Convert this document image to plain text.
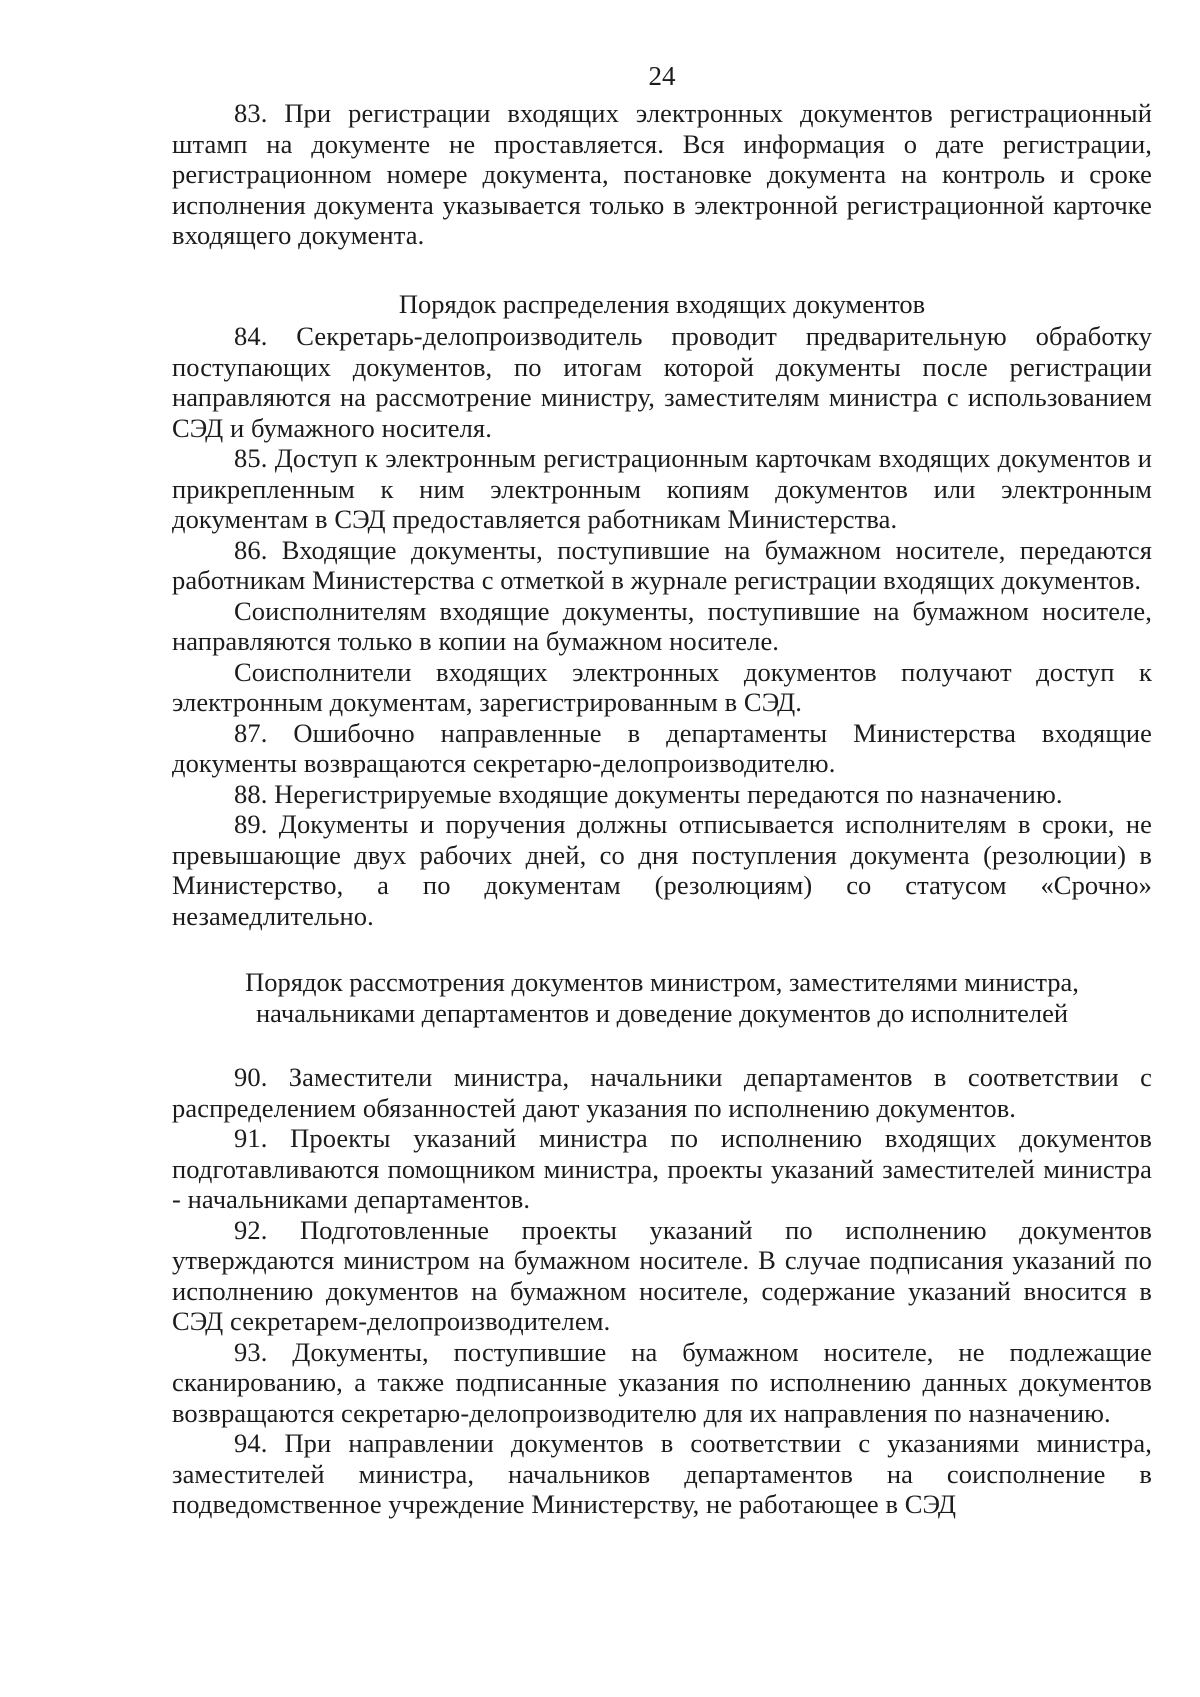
24

83. При регистрации входящих электронных документов регистрационный штамп на документе не проставляется. Вся информация о дате регистрации, регистрационном номере документа, постановке документа на контроль и сроке исполнения документа указывается только в электронной регистрационной карточке входящего документа.

Порядок распределения входящих документов

84. Секретарь-делопроизводитель проводит предварительную обработку поступающих документов, по итогам которой документы после регистрации направляются на рассмотрение министру, заместителям министра с использованием СЭД и бумажного носителя.

85. Доступ к электронным регистрационным карточкам входящих документов и прикрепленным к ним электронным копиям документов или электронным документам в СЭД предоставляется работникам Министерства.

86. Входящие документы, поступившие на бумажном носителе, передаются работникам Министерства с отметкой в журнале регистрации входящих документов.

Соисполнителям входящие документы, поступившие на бумажном носителе, направляются только в копии на бумажном носителе.

Соисполнители входящих электронных документов получают доступ к электронным документам, зарегистрированным в СЭД.

87. Ошибочно направленные в департаменты Министерства входящие документы возвращаются секретарю-делопроизводителю.

88. Нерегистрируемые входящие документы передаются по назначению.

89. Документы и поручения должны отписывается исполнителям в сроки, не превышающие двух рабочих дней, со дня поступления документа (резолюции) в Министерство, а по документам (резолюциям) со статусом «Срочно» незамедлительно.

Порядок рассмотрения документов министром, заместителями министра,
начальниками департаментов и доведение документов до исполнителей

90. Заместители министра, начальники департаментов в соответствии с распределением обязанностей дают указания по исполнению документов.

91. Проекты указаний министра по исполнению входящих документов подготавливаются помощником министра, проекты указаний заместителей министра - начальниками департаментов.

92. Подготовленные проекты указаний по исполнению документов утверждаются министром на бумажном носителе. В случае подписания указаний по исполнению документов на бумажном носителе, содержание указаний вносится в СЭД секретарем-делопроизводителем.

93. Документы, поступившие на бумажном носителе, не подлежащие сканированию, а также подписанные указания по исполнению данных документов возвращаются секретарю-делопроизводителю для их направления по назначению.

94. При направлении документов в соответствии с указаниями министра, заместителей министра, начальников департаментов на соисполнение в подведомственное учреждение Министерству, не работающее в СЭД
